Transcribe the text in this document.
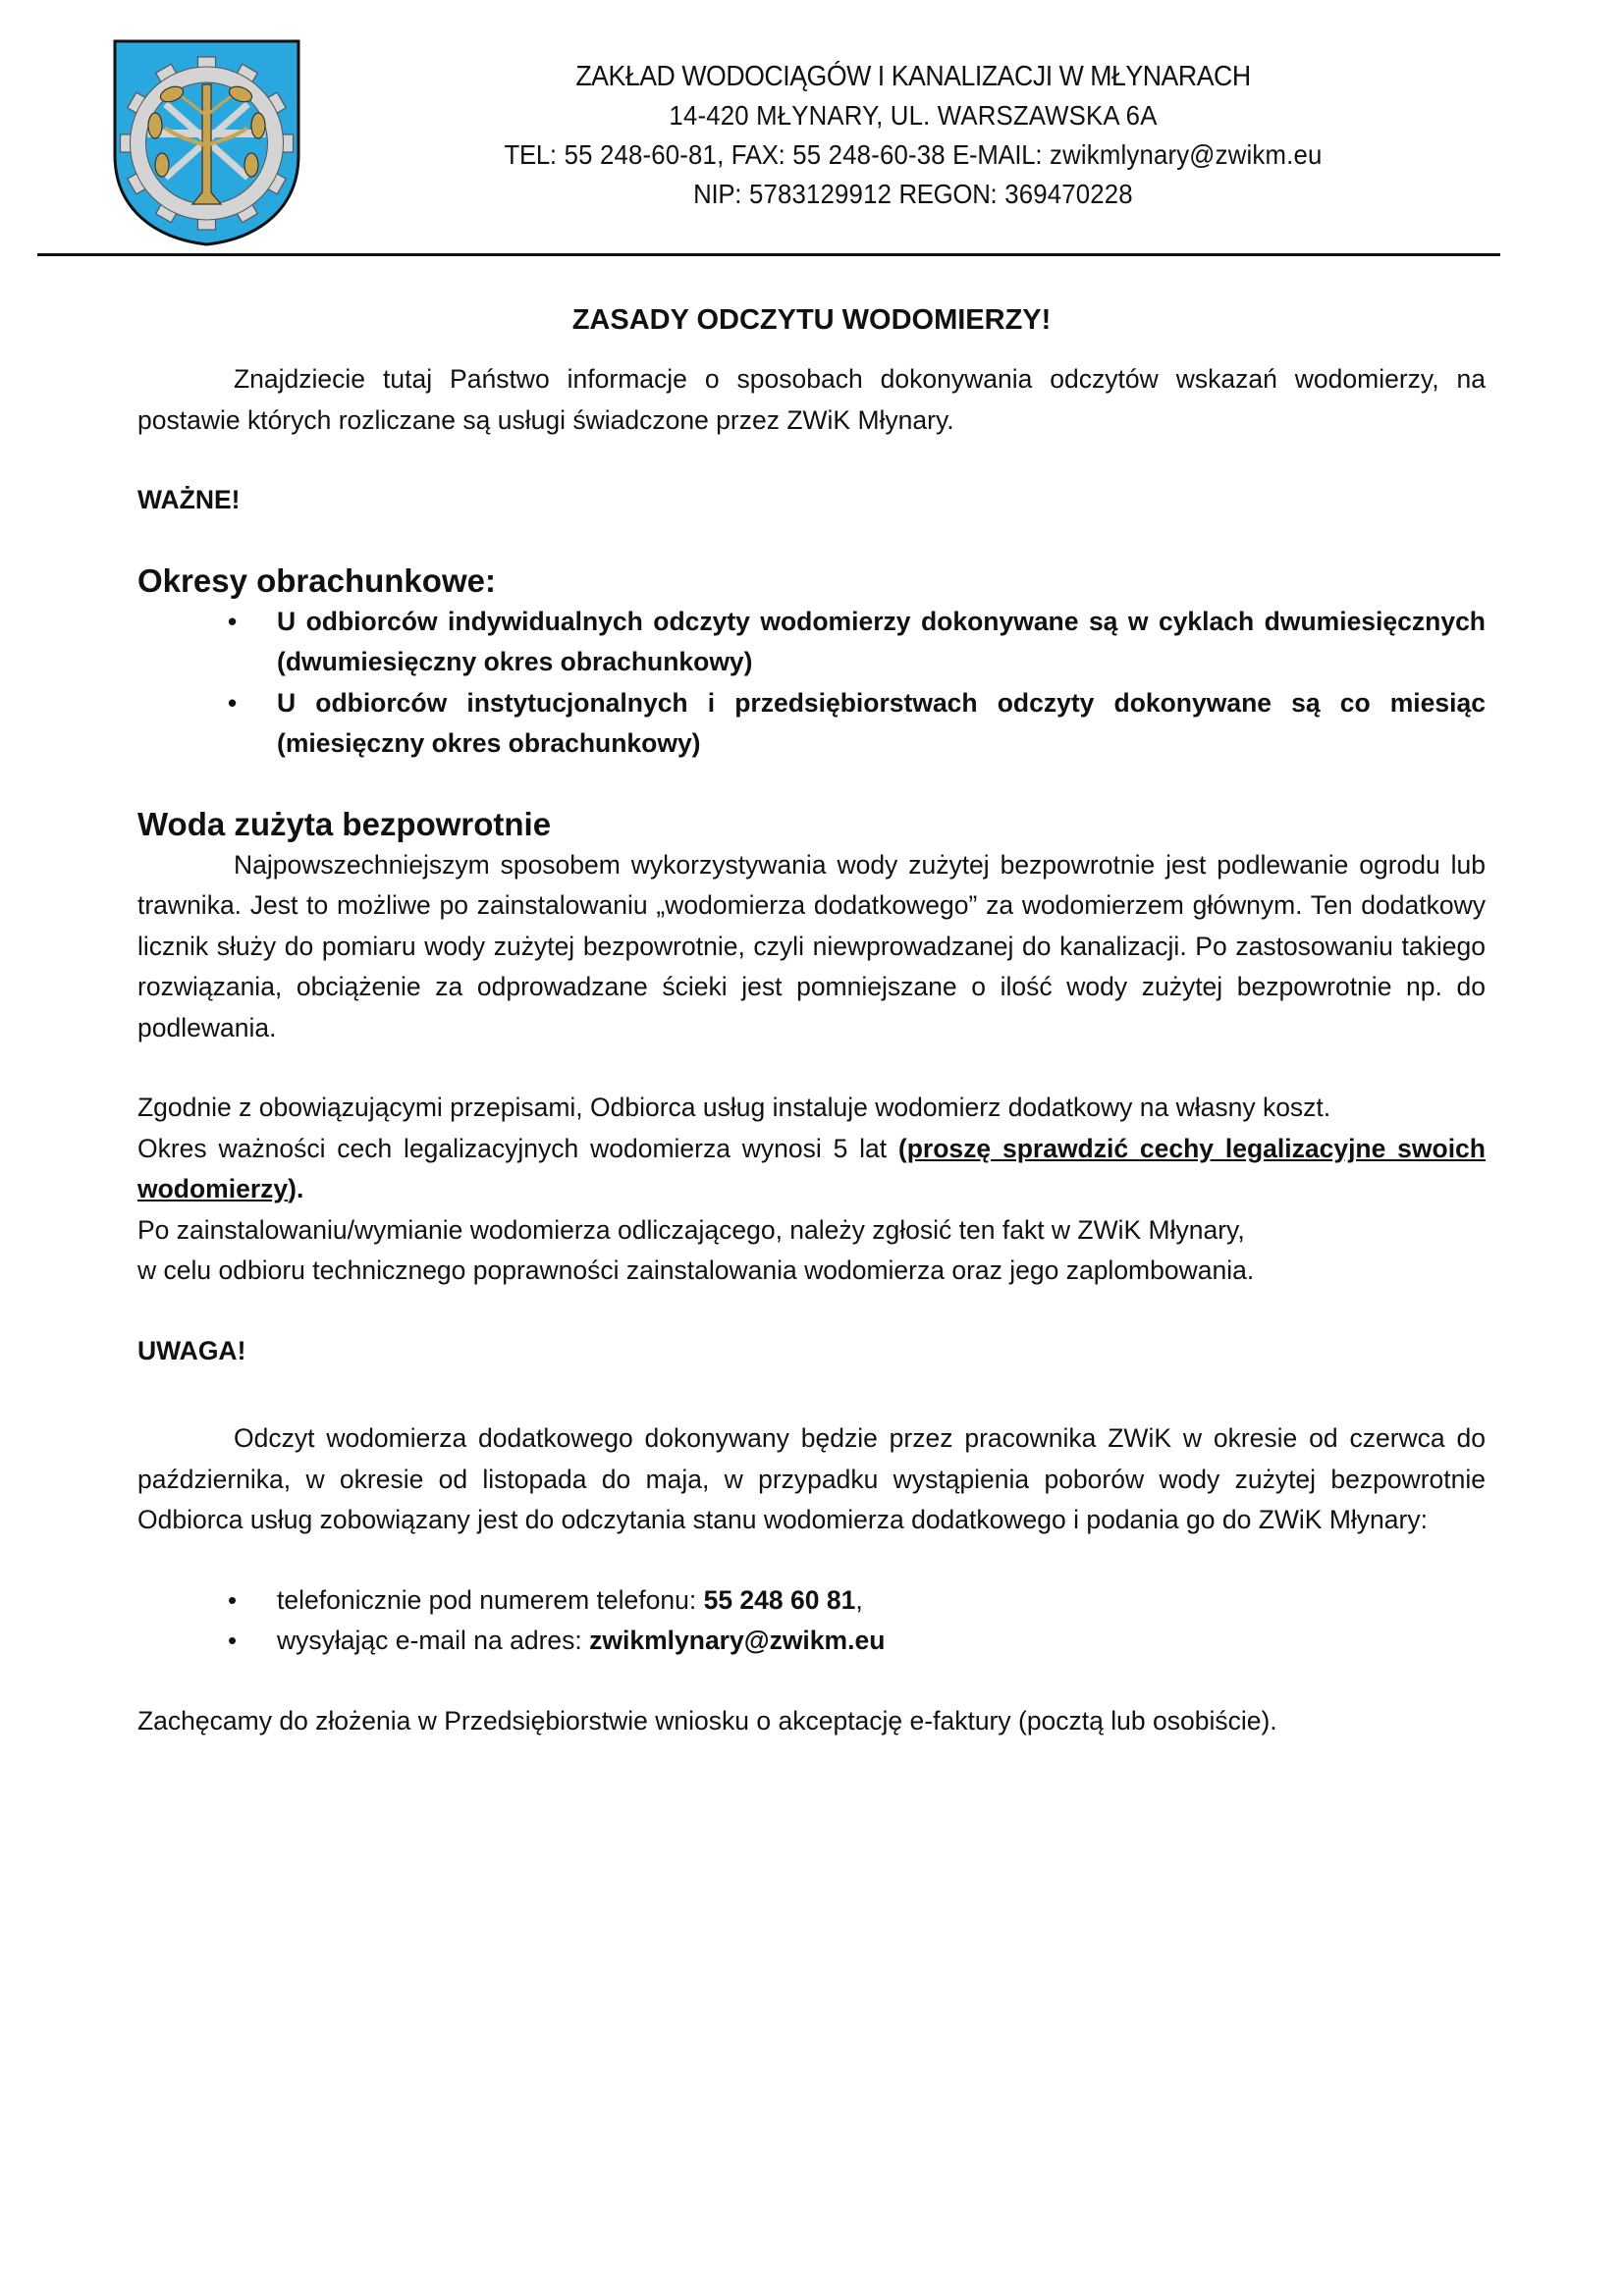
ZAKŁAD WODOCIĄGÓW I KANALIZACJI W MŁYNARACH
14-420 MŁYNARY, UL. WARSZAWSKA 6A
TEL: 55 248-60-81, FAX: 55 248-60-38 E-MAIL: zwikmlynary@zwikm.eu
NIP: 5783129912 REGON: 369470228
ZASADY ODCZYTU WODOMIERZY!

Znajdziecie tutaj Państwo informacje o sposobach dokonywania odczytów wskazań wodomierzy, na postawie których rozliczane są usługi świadczone przez ZWiK Młynary.

WAŻNE!

Okresy obrachunkowe:
• U odbiorców indywidualnych odczyty wodomierzy dokonywane są w cyklach dwumiesięcznych (dwumiesięczny okres obrachunkowy)
• U odbiorców instytucjonalnych i przedsiębiorstwach odczyty dokonywane są co miesiąc (miesięczny okres obrachunkowy)
Woda zużyta bezpowrotnie

Najpowszechniejszym sposobem wykorzystywania wody zużytej bezpowrotnie jest podlewanie ogrodu lub trawnika. Jest to możliwe po zainstalowaniu „wodomierza dodatkowego” za wodomierzem głównym. Ten dodatkowy licznik służy do pomiaru wody zużytej bezpowrotnie, czyli niewprowadzanej do kanalizacji. Po zastosowaniu takiego rozwiązania, obciążenie za odprowadzane ścieki jest pomniejszane o ilość wody zużytej bezpowrotnie np. do podlewania.

Zgodnie z obowiązującymi przepisami, Odbiorca usług instaluje wodomierz dodatkowy na własny koszt.

Okres ważności cech legalizacyjnych wodomierza wynosi 5 lat (proszę sprawdzić cechy legalizacyjne swoich wodomierzy).

Po zainstalowaniu/wymianie wodomierza odliczającego, należy zgłosić ten fakt w ZWiK Młynary,

w celu odbioru technicznego poprawności zainstalowania wodomierza oraz jego zaplombowania.

UWAGA!

Odczyt wodomierza dodatkowego dokonywany będzie przez pracownika ZWiK w okresie od czerwca do października, w okresie od listopada do maja, w przypadku wystąpienia poborów wody zużytej bezpowrotnie Odbiorca usług zobowiązany jest do odczytania stanu wodomierza dodatkowego i podania go do ZWiK Młynary:

• telefonicznie pod numerem telefonu: 55 248 60 81,
• wysyłając e-mail na adres: zwikmlynary@zwikm.eu

Zachęcamy do złożenia w Przedsiębiorstwie wniosku o akceptację e-faktury (pocztą lub osobiście).
